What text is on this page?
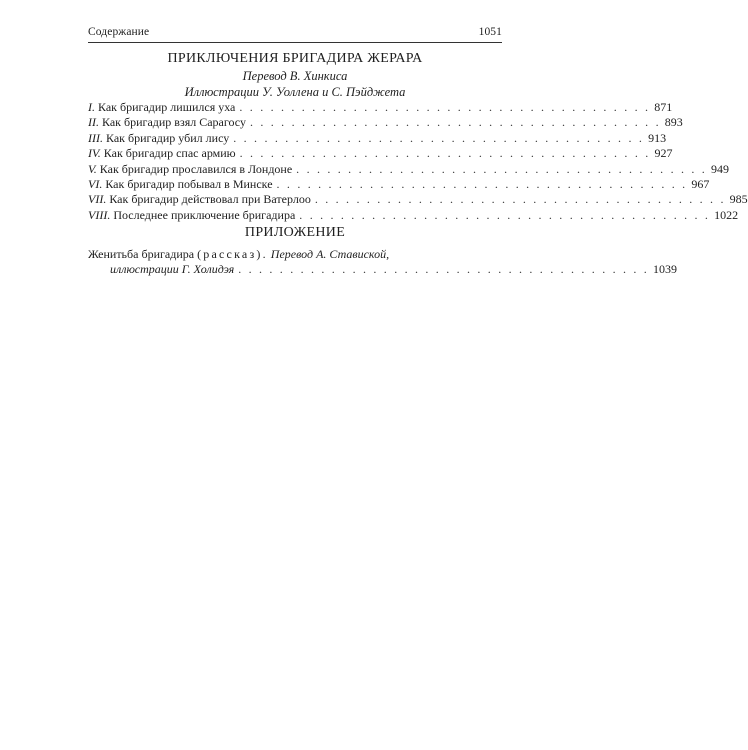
Содержание	1051
ПРИКЛЮЧЕНИЯ БРИГАДИРА ЖЕРАРА
Перевод В. Хинкиса
Иллюстрации У. Уоллена и С. Пэйджета
I. Как бригадир лишился уха . . . . . . . . . . . . . . . . . . . . . . . . . . . . . . . . . . . . . . . . 871
II. Как бригадир взял Сарагосу . . . . . . . . . . . . . . . . . . . . . . . . . . . . . . . . . . . . . . . . 893
III. Как бригадир убил лису . . . . . . . . . . . . . . . . . . . . . . . . . . . . . . . . . . . . . . . . 913
IV. Как бригадир спас армию . . . . . . . . . . . . . . . . . . . . . . . . . . . . . . . . . . . . . . . . 927
V. Как бригадир прославился в Лондоне . . . . . . . . . . . . . . . . . . . . . . . . . . . . . . . . . . . . . . . . 949
VI. Как бригадир побывал в Минске . . . . . . . . . . . . . . . . . . . . . . . . . . . . . . . . . . . . . . . . 967
VII. Как бригадир действовал при Ватерлоо . . . . . . . . . . . . . . . . . . . . . . . . . . . . . . . . . . . . . . . . 985
VIII. Последнее приключение бригадира . . . . . . . . . . . . . . . . . . . . . . . . . . . . . . . . . . . . . . . . 1022
ПРИЛОЖЕНИЕ
Женитьба бригадира (рассказ). Перевод А. Ставиской,
иллюстрации Г. Холидэя . . . . . . . . . . . . . . . . . . . . . . . . . . . . . . . . . . . . . . . . 1039
